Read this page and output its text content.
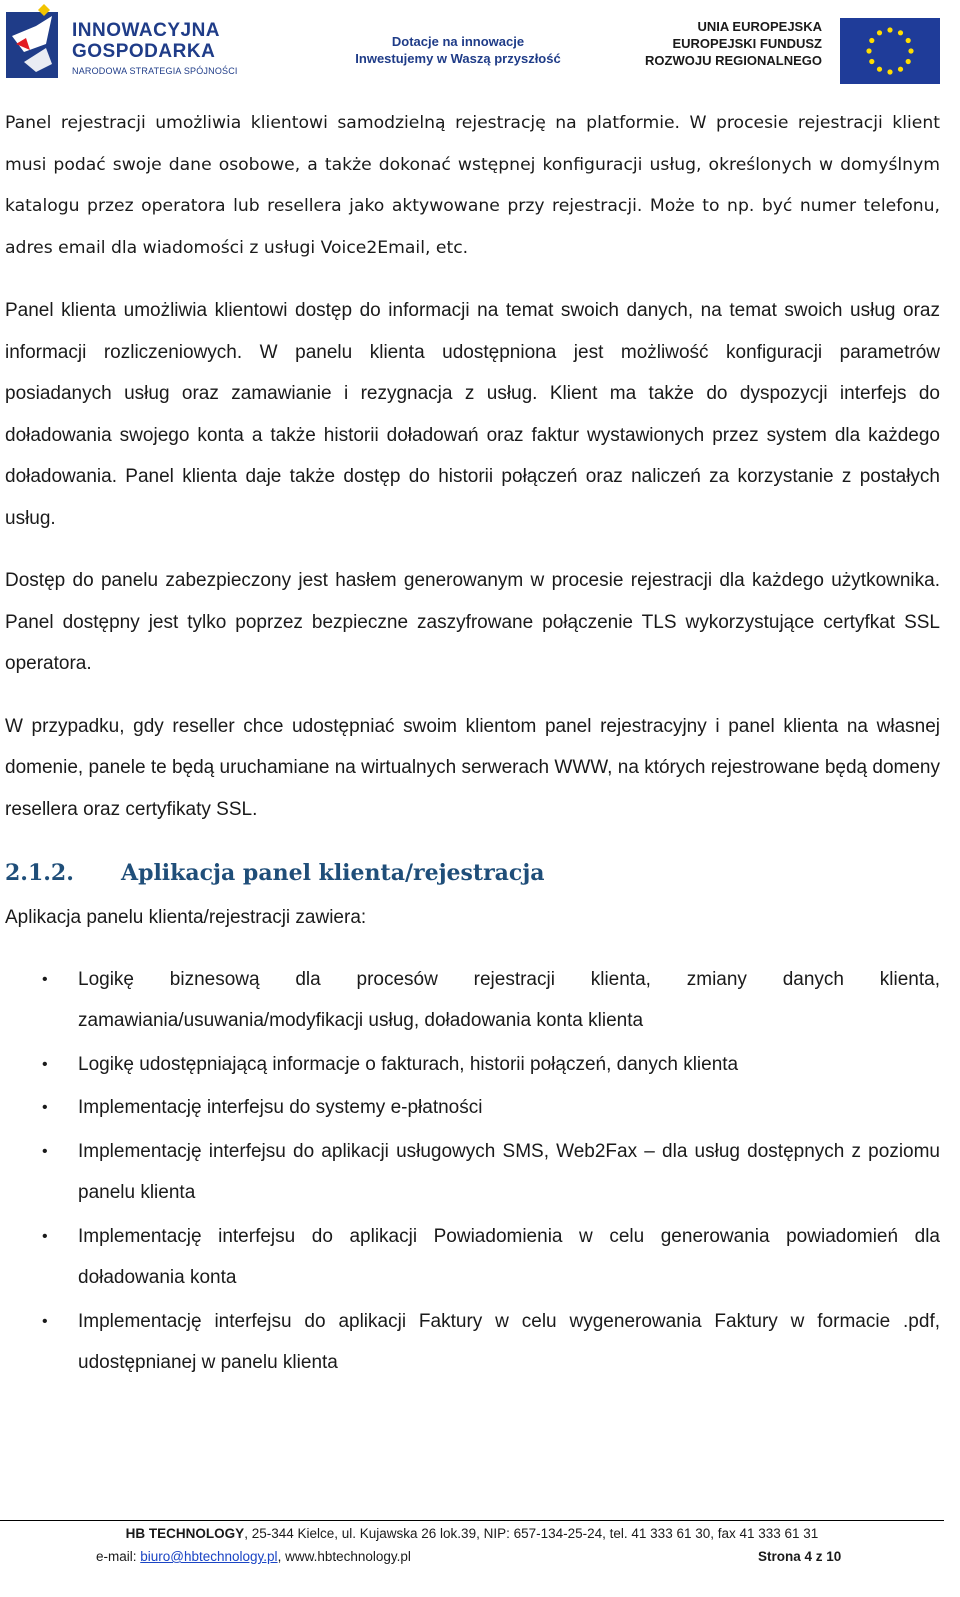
INNOWACYJNA
GOSPODARKA
NARODOWA STRATEGIA SPÓJNOŚCI
Dotacje na innowacje
Inwestujemy w Waszą przyszłość
UNIA EUROPEJSKA
EUROPEJSKI FUNDUSZ
ROZWOJU REGIONALNEGO

Panel rejestracji umożliwia klientowi samodzielną rejestrację na platformie. W procesie rejestracji klient musi podać swoje dane osobowe, a także dokonać wstępnej konfiguracji usług, określonych w domyślnym katalogu przez operatora lub resellera jako aktywowane przy rejestracji. Może to np. być numer telefonu, adres email dla wiadomości z usługi Voice2Email, etc.

Panel klienta umożliwia klientowi dostęp do informacji na temat swoich danych, na temat swoich usług oraz informacji rozliczeniowych. W panelu klienta udostępniona jest możliwość konfiguracji parametrów posiadanych usług oraz zamawianie i rezygnacja z usług. Klient ma także do dyspozycji interfejs do doładowania swojego konta a także historii doładowań oraz faktur wystawionych przez system dla każdego doładowania. Panel klienta daje także dostęp do historii połączeń oraz naliczeń za korzystanie z postałych usług.

Dostęp do panelu zabezpieczony jest hasłem generowanym w procesie rejestracji dla każdego użytkownika. Panel dostępny jest tylko poprzez bezpieczne zaszyfrowane połączenie TLS wykorzystujące certyfkat SSL operatora.

W przypadku, gdy reseller chce udostępniać swoim klientom panel rejestracyjny i panel klienta na własnej domenie, panele te będą uruchamiane na wirtualnych serwerach WWW, na których rejestrowane będą domeny resellera oraz certyfikaty SSL.

2.1.2. Aplikacja panel klienta/rejestracja
Aplikacja panelu klienta/rejestracji zawiera:
• Logikę biznesową dla procesów rejestracji klienta, zmiany danych klienta, zamawiania/usuwania/modyfikacji usług, doładowania konta klienta
• Logikę udostępniającą informacje o fakturach, historii połączeń, danych klienta
• Implementację interfejsu do systemy e-płatności
• Implementację interfejsu do aplikacji usługowych SMS, Web2Fax – dla usług dostępnych z poziomu panelu klienta
• Implementację interfejsu do aplikacji Powiadomienia w celu generowania powiadomień dla doładowania konta
• Implementację interfejsu do aplikacji Faktury w celu wygenerowania Faktury w formacie .pdf, udostępnianej w panelu klienta
HB TECHNOLOGY, 25-344 Kielce, ul. Kujawska 26 lok.39, NIP: 657-134-25-24, tel. 41 333 61 30, fax 41 333 61 31
e-mail: biuro@hbtechnology.pl, www.hbtechnology.pl	Strona 4 z 10
